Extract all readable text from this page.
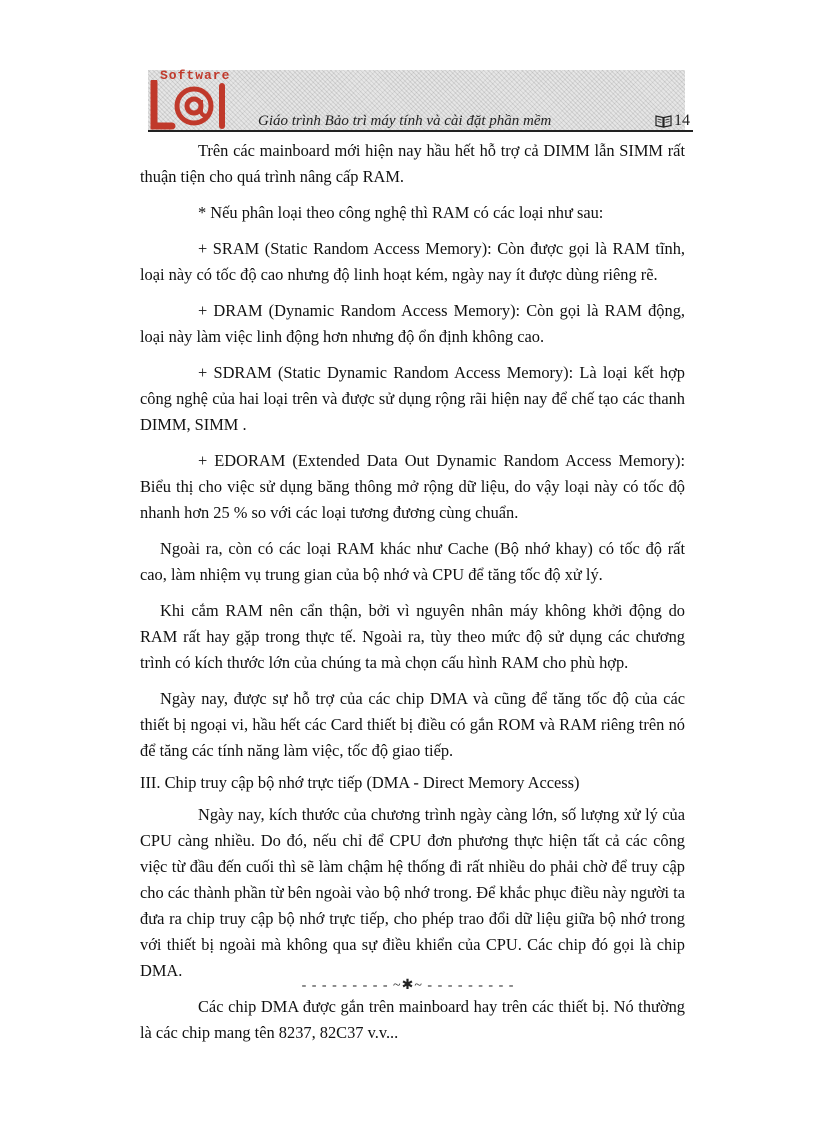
Software
Giáo trình Bảo trì máy tính và cài đặt phần mềm	14

Trên các mainboard mới hiện nay hầu hết hỗ trợ cả DIMM lẫn SIMM rất thuận tiện cho quá trình nâng cấp RAM.

* Nếu phân loại theo công nghệ thì RAM có các loại như sau:

+ SRAM (Static Random Access Memory): Còn được gọi là RAM tĩnh, loại này có tốc độ cao nhưng độ linh hoạt kém, ngày nay ít được dùng riêng rẽ.

+ DRAM (Dynamic Random Access Memory): Còn gọi là RAM động, loại này làm việc linh động hơn nhưng độ ổn định không cao.

+ SDRAM (Static Dynamic Random Access Memory): Là loại kết hợp công nghệ của hai loại trên và được sử dụng rộng rãi hiện nay để chế tạo các thanh DIMM, SIMM .

+ EDORAM (Extended Data Out Dynamic Random Access Memory): Biểu thị cho việc sử dụng băng thông mở rộng dữ liệu, do vậy loại này có tốc độ nhanh hơn 25 % so với các loại tương đương cùng chuẩn.

Ngoài ra, còn có các loại RAM khác như Cache (Bộ nhớ khay) có tốc độ rất cao, làm nhiệm vụ trung gian của bộ nhớ và CPU để tăng tốc độ xử lý.

Khi cắm RAM nên cẩn thận, bởi vì nguyên nhân máy không khởi động do RAM rất hay gặp trong thực tế. Ngoài ra, tùy theo mức độ sử dụng các chương trình có kích thước lớn của chúng ta mà chọn cấu hình RAM cho phù hợp.

Ngày nay, được sự hỗ trợ của các chip DMA và cũng để tăng tốc độ của các thiết bị ngoại vi, hầu hết các Card thiết bị điều có gắn ROM và RAM riêng trên nó để tăng các tính năng làm việc, tốc độ giao tiếp.

III. Chip truy cập bộ nhớ trực tiếp (DMA - Direct Memory Access)

Ngày nay, kích thước của chương trình ngày càng lớn, số lượng xử lý của CPU càng nhiều. Do đó, nếu chỉ để CPU đơn phương thực hiện tất cả các công việc từ đầu đến cuối thì sẽ làm chậm hệ thống đi rất nhiều do phải chờ để truy cập cho các thành phần từ bên ngoài vào bộ nhớ trong. Để khắc phục điều này người ta đưa ra chip truy cập bộ nhớ trực tiếp, cho phép trao đổi dữ liệu giữa bộ nhớ trong với thiết bị ngoài mà không qua sự điều khiển của CPU. Các chip đó gọi là chip DMA.

Các chip DMA được gắn trên mainboard hay trên các thiết bị. Nó thường là các chip mang tên 8237, 82C37 v.v...

- - - - - - - - - ~✱~ - - - - - - - - -
